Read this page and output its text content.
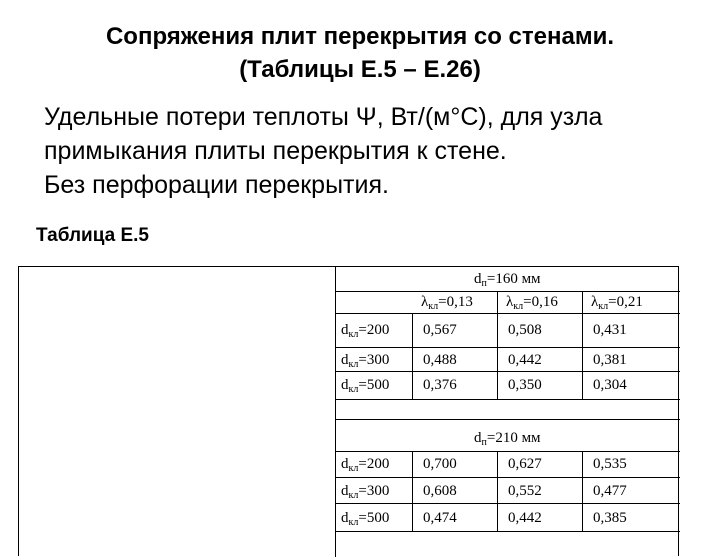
Сопряжения плит перекрытия со стенами.
(Таблицы Е.5 – Е.26)
Удельные потери теплоты Ψ, Вт/(м°С), для узла
примыкания плиты перекрытия к стене.
Без перфорации перекрытия.
Таблица Е.5
$\lambda_{кл}=0,13$ $\lambda_{кл}=0,16$ $\lambda_{кл}=0,21$
$d_п=160$ мм
$d_{кл}=200$ 0,567	0,508	0,431
$d_{кл}=300$ 0,488	0,442	0,381
$d_{кл}=500$ 0,376	0,350	0,304
$d_п=210$ мм
$d_{кл}=200$ 0,700	0,627	0,535
$d_{кл}=300$ 0,608	0,552	0,477
$d_{кл}=500$ 0,474	0,442	0,385
